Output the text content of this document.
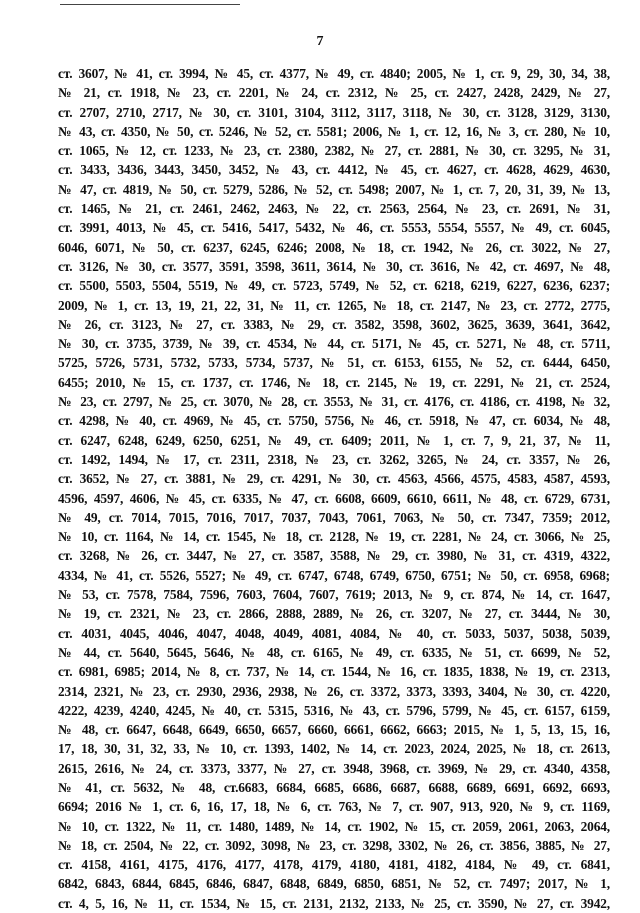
7
ст. 3607, № 41, ст. 3994, № 45, ст. 4377, № 49, ст. 4840; 2005, № 1, ст. 9, 29, 30, 34, 38,
№ 21, ст. 1918, № 23, ст. 2201, № 24, ст. 2312, № 25, ст. 2427, 2428, 2429, № 27,
ст. 2707, 2710, 2717, № 30, ст. 3101, 3104, 3112, 3117, 3118, № 30, ст. 3128, 3129, 3130,
№ 43, ст. 4350, № 50, ст. 5246, № 52, ст. 5581; 2006, № 1, ст. 12, 16, № 3, ст. 280, № 10,
ст. 1065, № 12, ст. 1233, № 23, ст. 2380, 2382, № 27, ст. 2881, № 30, ст. 3295, № 31,
ст. 3433, 3436, 3443, 3450, 3452, № 43, ст. 4412, № 45, ст. 4627, ст. 4628, 4629, 4630,
№ 47, ст. 4819, № 50, ст. 5279, 5286, № 52, ст. 5498; 2007, № 1, ст. 7, 20, 31, 39, № 13,
ст. 1465, № 21, ст. 2461, 2462, 2463, № 22, ст. 2563, 2564, № 23, ст. 2691, № 31,
ст. 3991, 4013, № 45, ст. 5416, 5417, 5432, № 46, ст. 5553, 5554, 5557, № 49, ст. 6045,
6046, 6071, № 50, ст. 6237, 6245, 6246; 2008, № 18, ст. 1942, № 26, ст. 3022, № 27,
ст. 3126, № 30, ст. 3577, 3591, 3598, 3611, 3614, № 30, ст. 3616, № 42, ст. 4697, № 48,
ст. 5500, 5503, 5504, 5519, № 49, ст. 5723, 5749, № 52, ст. 6218, 6219, 6227, 6236, 6237;
2009, № 1, ст. 13, 19, 21, 22, 31, № 11, ст. 1265, № 18, ст. 2147, № 23, ст. 2772, 2775,
№ 26, ст. 3123, № 27, ст. 3383, № 29, ст. 3582, 3598, 3602, 3625, 3639, 3641, 3642,
№ 30, ст. 3735, 3739, № 39, ст. 4534, № 44, ст. 5171, № 45, ст. 5271, № 48, ст. 5711,
5725, 5726, 5731, 5732, 5733, 5734, 5737, № 51, ст. 6153, 6155, № 52, ст. 6444, 6450,
6455; 2010, № 15, ст. 1737, ст. 1746, № 18, ст. 2145, № 19, ст. 2291, № 21, ст. 2524,
№ 23, ст. 2797, № 25, ст. 3070, № 28, ст. 3553, № 31, ст. 4176, ст. 4186, ст. 4198, № 32,
ст. 4298, № 40, ст. 4969, № 45, ст. 5750, 5756, № 46, ст. 5918, № 47, ст. 6034, № 48,
ст. 6247, 6248, 6249, 6250, 6251, № 49, ст. 6409; 2011, № 1, ст. 7, 9, 21, 37, № 11,
ст. 1492, 1494, № 17, ст. 2311, 2318, № 23, ст. 3262, 3265, № 24, ст. 3357, № 26,
ст. 3652, № 27, ст. 3881, № 29, ст. 4291, № 30, ст. 4563, 4566, 4575, 4583, 4587, 4593,
4596, 4597, 4606, № 45, ст. 6335, № 47, ст. 6608, 6609, 6610, 6611, № 48, ст. 6729, 6731,
№ 49, ст. 7014, 7015, 7016, 7017, 7037, 7043, 7061, 7063, № 50, ст. 7347, 7359; 2012,
№ 10, ст. 1164, № 14, ст. 1545, № 18, ст. 2128, № 19, ст. 2281, № 24, ст. 3066, № 25,
ст. 3268, № 26, ст. 3447, № 27, ст. 3587, 3588, № 29, ст. 3980, № 31, ст. 4319, 4322,
4334, № 41, ст. 5526, 5527; № 49, ст. 6747, 6748, 6749, 6750, 6751; № 50, ст. 6958, 6968;
№ 53, ст. 7578, 7584, 7596, 7603, 7604, 7607, 7619; 2013, № 9, ст. 874, № 14, ст. 1647,
№ 19, ст. 2321, № 23, ст. 2866, 2888, 2889, № 26, ст. 3207, № 27, ст. 3444, № 30,
ст. 4031, 4045, 4046, 4047, 4048, 4049, 4081, 4084, № 40, ст. 5033, 5037, 5038, 5039,
№ 44, ст. 5640, 5645, 5646, № 48, ст. 6165, № 49, ст. 6335, № 51, ст. 6699, № 52,
ст. 6981, 6985; 2014, № 8, ст. 737, № 14, ст. 1544, № 16, ст. 1835, 1838, № 19, ст. 2313,
2314, 2321, № 23, ст. 2930, 2936, 2938, № 26, ст. 3372, 3373, 3393, 3404, № 30, ст. 4220,
4222, 4239, 4240, 4245, № 40, ст. 5315, 5316, № 43, ст. 5796, 5799, № 45, ст. 6157, 6159,
№ 48, ст. 6647, 6648, 6649, 6650, 6657, 6660, 6661, 6662, 6663; 2015, № 1, 5, 13, 15, 16,
17, 18, 30, 31, 32, 33, № 10, ст. 1393, 1402, № 14, ст. 2023, 2024, 2025, № 18, ст. 2613,
2615, 2616, № 24, ст. 3373, 3377, № 27, ст. 3948, 3968, ст. 3969, № 29, ст. 4340, 4358,
№ 41, ст. 5632, № 48, ст.6683, 6684, 6685, 6686, 6687, 6688, 6689, 6691, 6692, 6693,
6694; 2016 № 1, ст. 6, 16, 17, 18, № 6, ст. 763, № 7, ст. 907, 913, 920, № 9, ст. 1169,
№ 10, ст. 1322, № 11, ст. 1480, 1489, № 14, ст. 1902, № 15, ст. 2059, 2061, 2063, 2064,
№ 18, ст. 2504, № 22, ст. 3092, 3098, № 23, ст. 3298, 3302, № 26, ст. 3856, 3885, № 27,
ст. 4158, 4161, 4175, 4176, 4177, 4178, 4179, 4180, 4181, 4182, 4184, № 49, ст. 6841,
6842, 6843, 6844, 6845, 6846, 6847, 6848, 6849, 6850, 6851, № 52, ст. 7497; 2017, № 1,
ст. 4, 5, 16, № 11, ст. 1534, № 15, ст. 2131, 2132, 2133, № 25, ст. 3590, № 27, ст. 3942,
